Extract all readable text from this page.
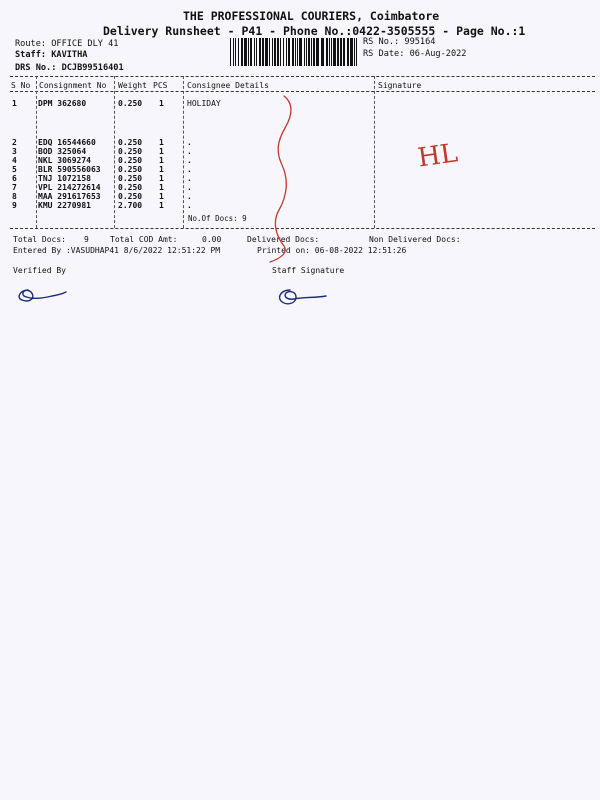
THE PROFESSIONAL COURIERS, Coimbatore
Delivery Runsheet - P41 - Phone No.:0422-3505555 - Page No.:1
Route: OFFICE DLY 41
Staff: KAVITHA
DRS No.: DCJB99516401
RS No.: 995164
RS Date: 06-Aug-2022
S No Consignment No Weight PCS Consignee Details	Signature
1	DPM 362680	0.250 1	HOLIDAY
2	EDQ 16544660	0.250 1	.
3	BOD 325064	0.250 1	.
4	NKL 3069274	0.250 1	.
5	BLR 590556063 0.250 1	.
6	TNJ 1072158	0.250 1	.
7	VPL 214272614 0.250 1	.
8	MAA 291617653 0.250 1	.
9	KMU 2270981	2.700 1	.
No.Of Docs: 9
Total Docs: 9	Total COD Amt:	0.00	Delivered Docs:	Non Delivered Docs:
Entered By :VASUDHAP41 8/6/2022 12:51:22 PM	Printed on: 06-08-2022 12:51:26
Verified By	Staff Signature
HL
